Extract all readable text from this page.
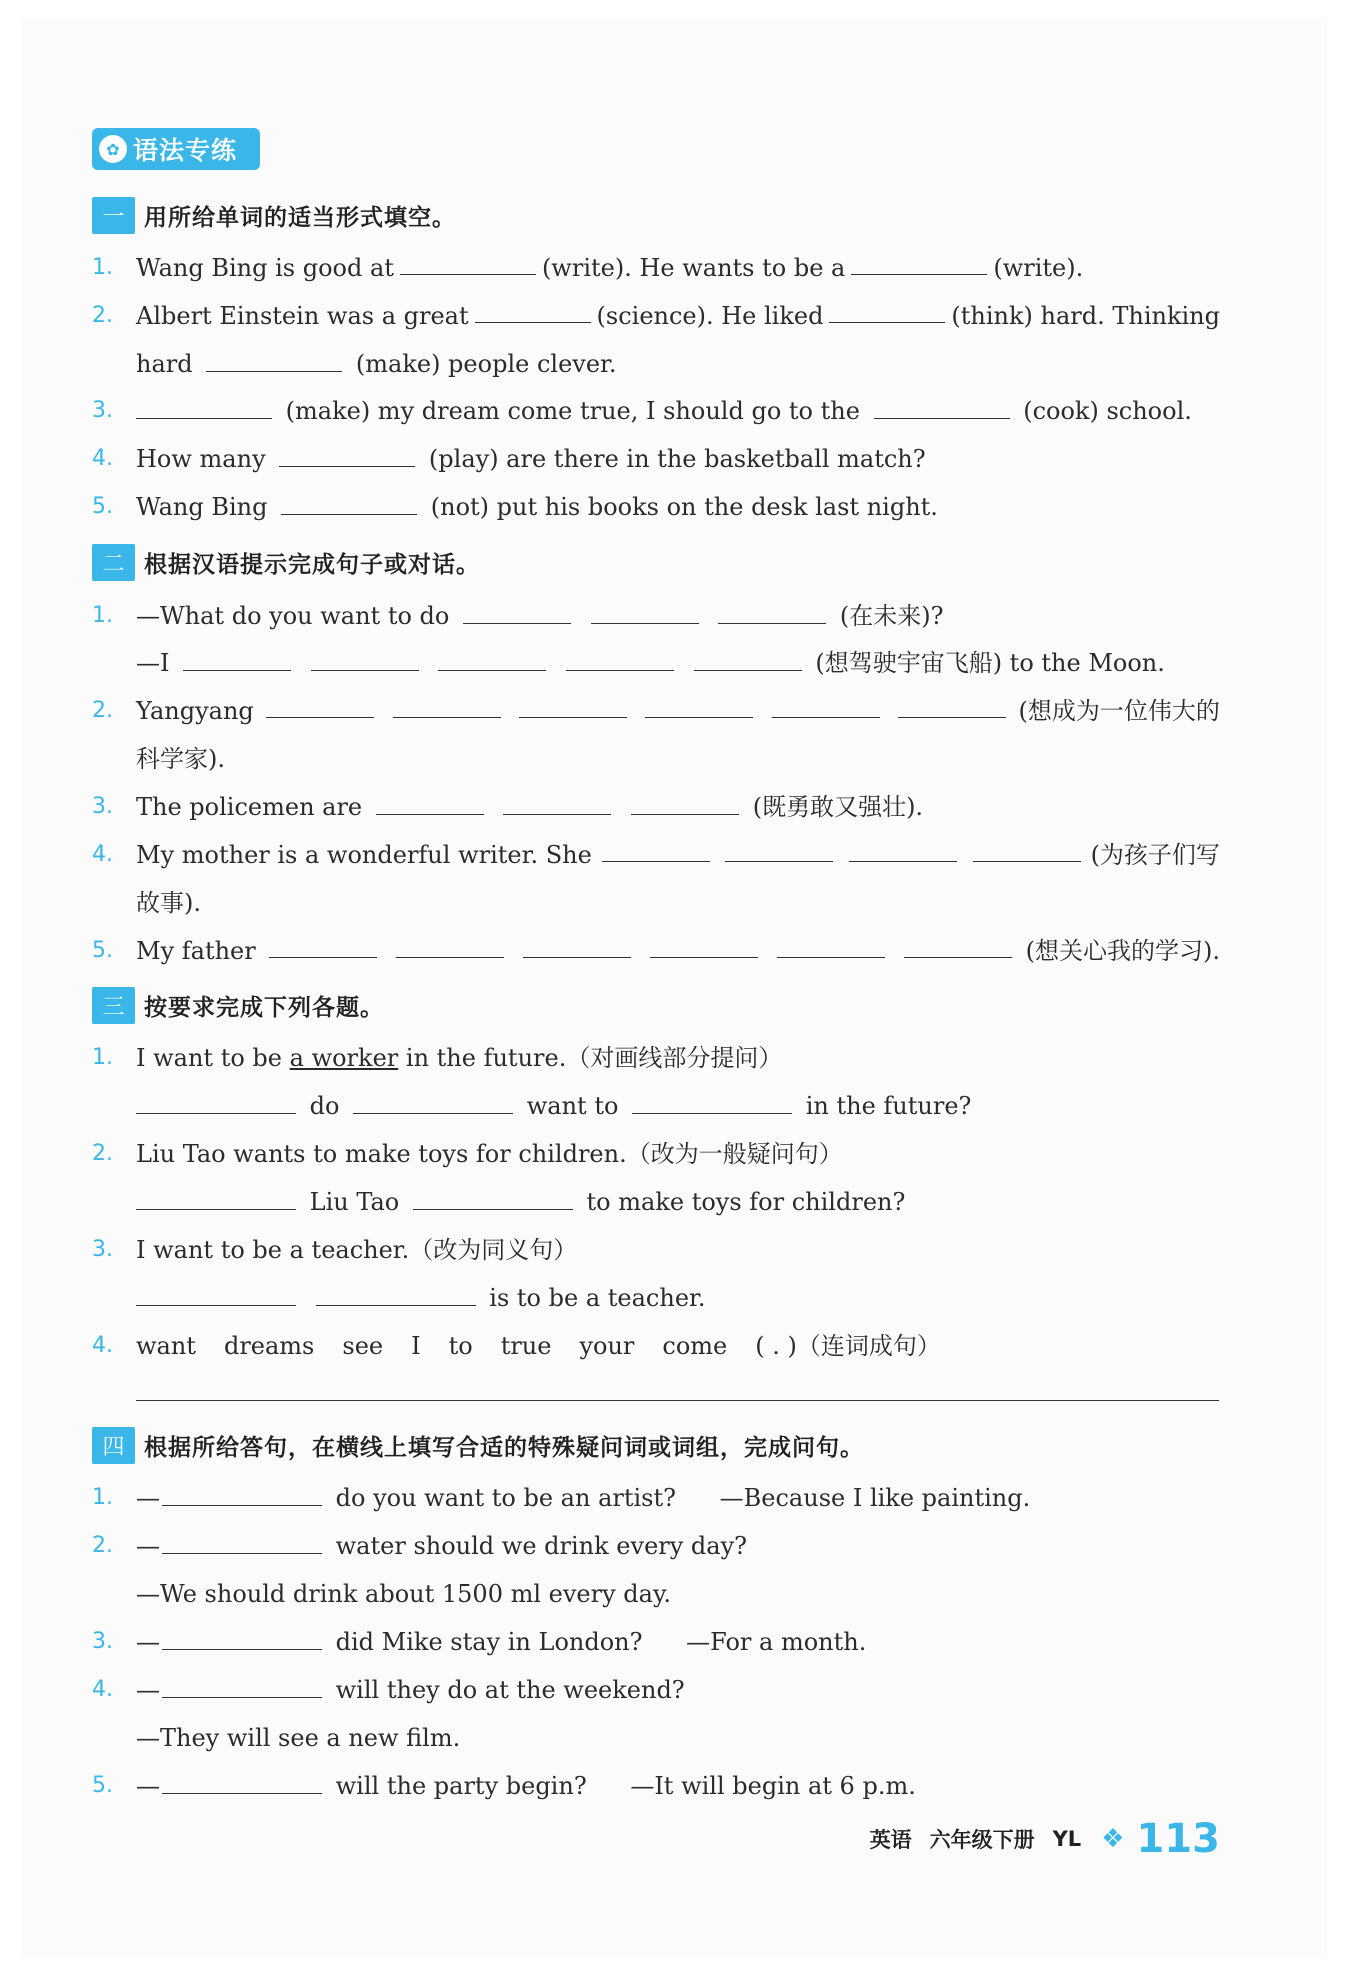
✿ 语法专练
一 用所给单词的适当形式填空。
1. Wang Bing is good at	(write). He wants to be a	(write).
2. Albert Einstein was a great	(science). He liked	(think) hard. Thinking
hard	(make) people clever.
3.	(make) my dream come true, I should go to the	(cook) school.
4. How many	(play) are there in the basketball match?
5. Wang Bing	(not) put his books on the desk last night.
二 根据汉语提示完成句子或对话。
1. —What do you want to do	(在未来)?
—I	(想驾驶宇宙飞船) to the Moon.
2. Yangyang	(想成为一位伟大的
科学家).
3. The policemen are	(既勇敢又强壮).
4. My mother is a wonderful writer. She	(为孩子们写
故事).
5. My father	(想关心我的学习).
三 按要求完成下列各题。
1. I want to be a worker in the future.（对画线部分提问）
do	want to	in the future?
2. Liu Tao wants to make toys for children.（改为一般疑问句）
Liu Tao	to make toys for children?
3. I want to be a teacher.（改为同义句）
is to be a teacher.
4. want dreams see I to true your come ( . )（连词成句）
四 根据所给答句，在横线上填写合适的特殊疑问词或词组，完成问句。
1. —	do you want to be an artist? —Because I like painting.
2. —	water should we drink every day?
—We should drink about 1500 ml every day.
3. —	did Mike stay in London? —For a month.
4. —	will they do at the weekend?
—They will see a new film.
5. —	will the party begin? —It will begin at 6 p.m.
英语 六年级下册 YL ❖ 113
